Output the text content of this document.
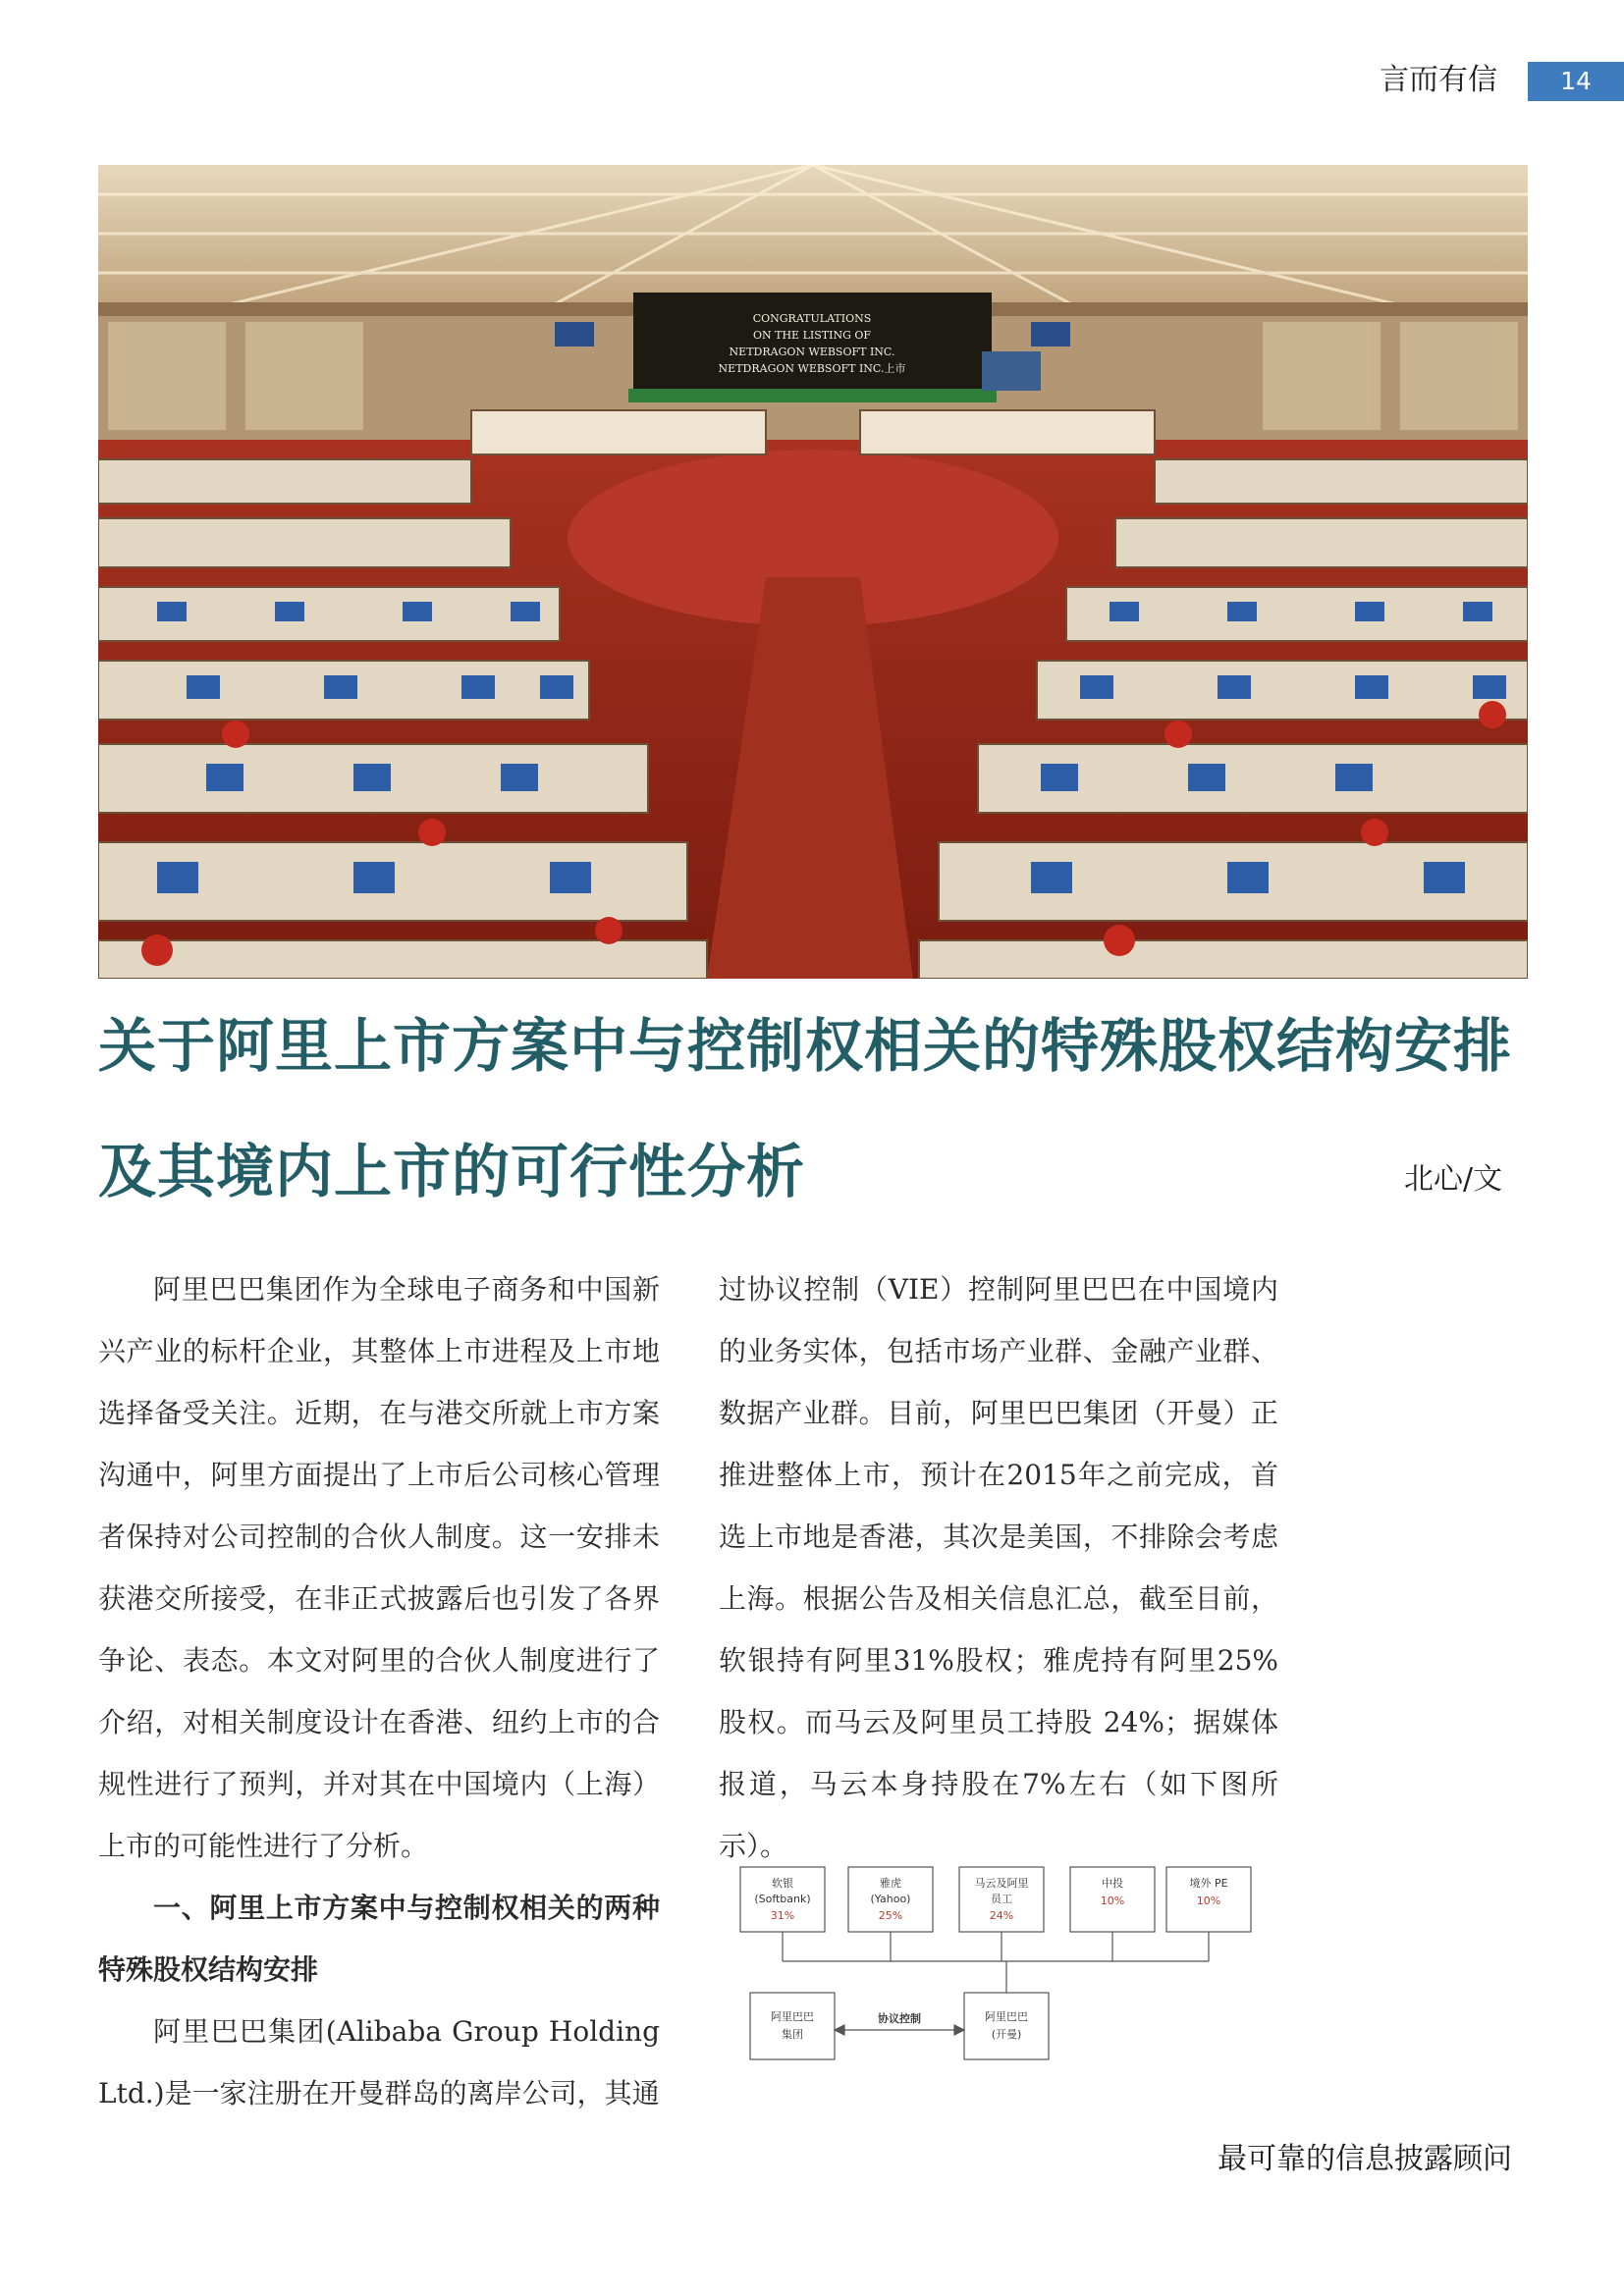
言而有信	14
CONGRATULATIONS
ON THE LISTING OF
NETDRAGON WEBSOFT INC.
NETDRAGON WEBSOFT INC.上市
关于阿里上市方案中与控制权相关的特殊股权结构安排
及其境内上市的可行性分析	北心/文

阿里巴巴集团作为全球电子商务和中国新兴产业的标杆企业，其整体上市进程及上市地选择备受关注。近期，在与港交所就上市方案沟通中，阿里方面提出了上市后公司核心管理者保持对公司控制的合伙人制度。这一安排未获港交所接受，在非正式披露后也引发了各界争论、表态。本文对阿里的合伙人制度进行了介绍，对相关制度设计在香港、纽约上市的合规性进行了预判，并对其在中国境内（上海）上市的可能性进行了分析。

一、阿里上市方案中与控制权相关的两种特殊股权结构安排

阿里巴巴集团(Alibaba Group Holding Ltd.)是一家注册在开曼群岛的离岸公司，其通

过协议控制（VIE）控制阿里巴巴在中国境内的业务实体，包括市场产业群、金融产业群、数据产业群。目前，阿里巴巴集团（开曼）正推进整体上市，预计在2015年之前完成，首选上市地是香港，其次是美国，不排除会考虑上海。根据公告及相关信息汇总，截至目前，软银持有阿里31%股权；雅虎持有阿里25%股权。而马云及阿里员工持股 24%；据媒体报道，马云本身持股在7%左右（如下图所示）。

软银
(Softbank)
31%
雅虎
(Yahoo)
25%
马云及阿里
员工
24%
中投
10%
境外 PE
10%
阿里巴巴
集团
协议控制	阿里巴巴
(开曼)
最可靠的信息披露顾问
